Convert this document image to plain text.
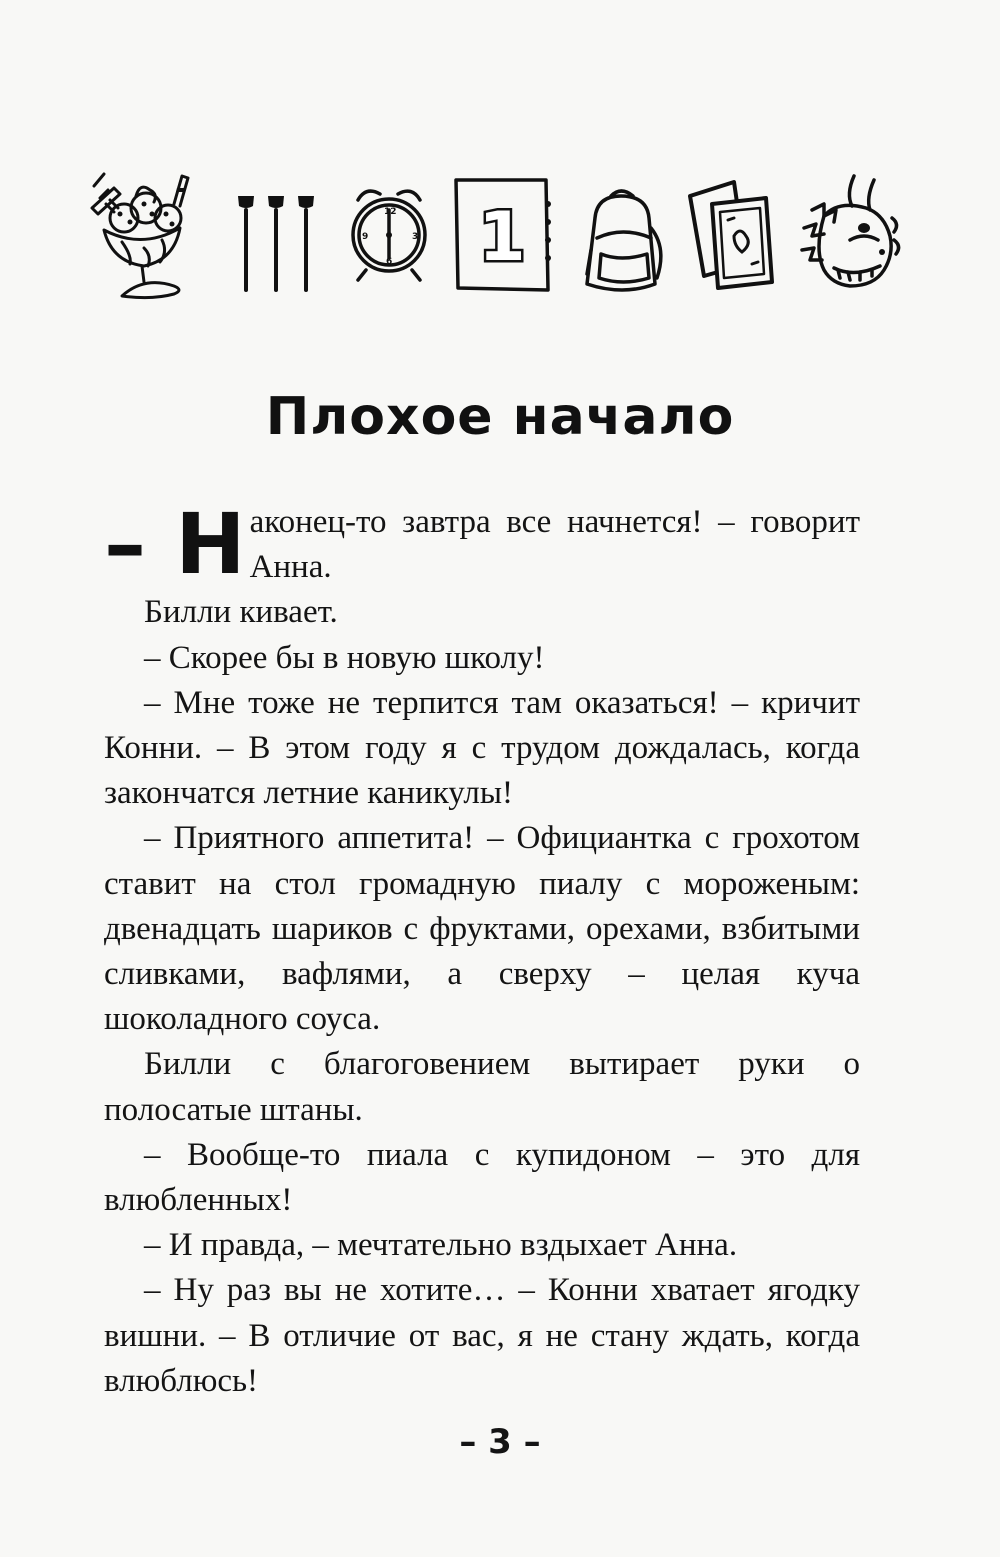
12
3
6
9 1
Плохое начало

– Н аконец-то завтра все начнется! – говорит Анна.

Билли кивает.

– Скорее бы в новую школу!

– Мне тоже не терпится там оказаться! – кричит Конни. – В этом году я с трудом дождалась, когда закончатся летние каникулы!

– Приятного аппетита! – Официантка с грохотом ставит на стол громадную пиалу с мороженым: двенадцать шариков с фруктами, орехами, взбитыми сливками, вафлями, а сверху – целая куча шоколадного соуса.

Билли с благоговением вытирает руки о полосатые штаны.

– Вообще-то пиала с купидоном – это для влюбленных!

– И правда, – мечтательно вздыхает Анна.

– Ну раз вы не хотите… – Конни хватает ягодку вишни. – В отличие от вас, я не стану ждать, когда влюблюсь!

– 3 –
